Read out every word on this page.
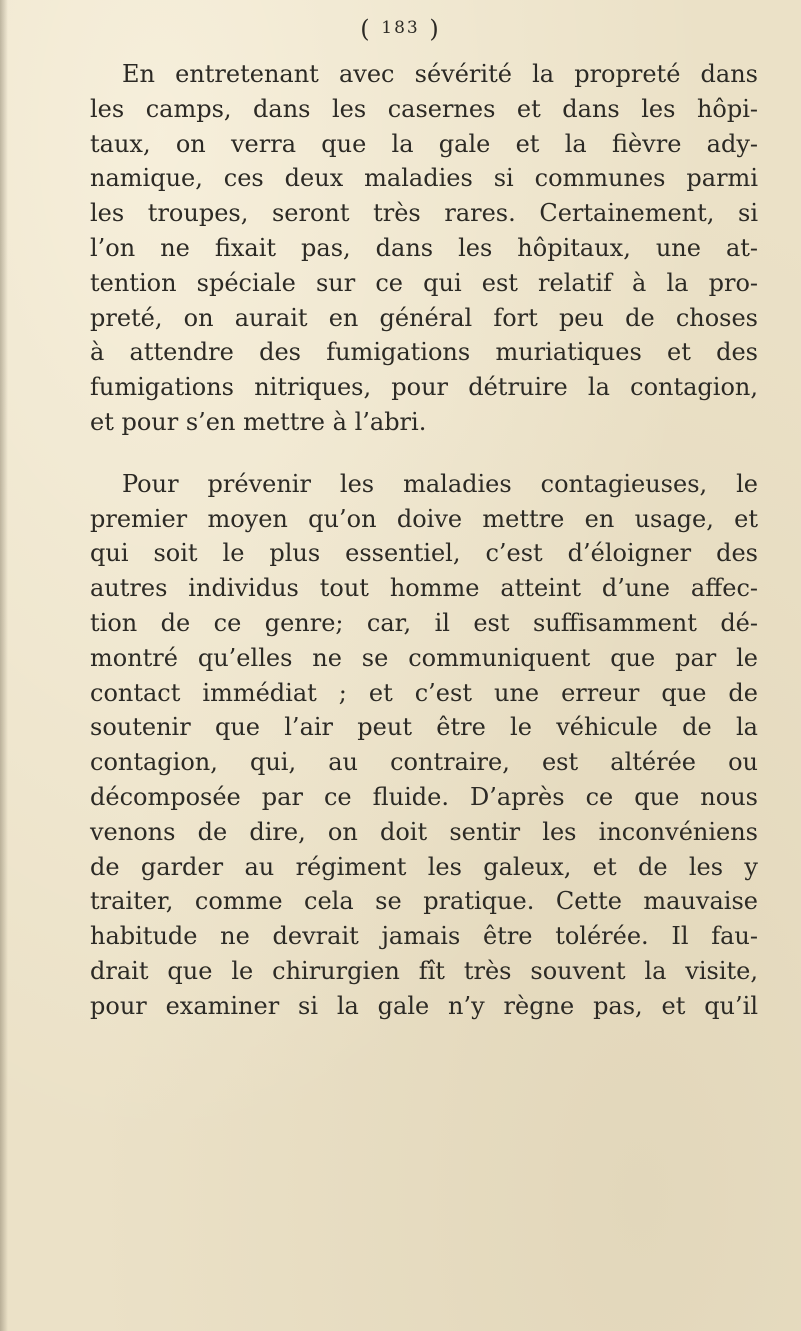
( 183 )

En entretenant avec sévérité la propreté dans
les camps, dans les casernes et dans les hôpi-
taux, on verra que la gale et la fièvre ady-
namique, ces deux maladies si communes parmi
les troupes, seront très rares. Certainement, si
l’on ne fixait pas, dans les hôpitaux, une at-
tention spéciale sur ce qui est relatif à la pro-
preté, on aurait en général fort peu de choses
à attendre des fumigations muriatiques et des
fumigations nitriques, pour détruire la contagion,
et pour s’en mettre à l’abri.

Pour prévenir les maladies contagieuses, le
premier moyen qu’on doive mettre en usage, et
qui soit le plus essentiel, c’est d’éloigner des
autres individus tout homme atteint d’une affec-
tion de ce genre; car, il est suffisamment dé-
montré qu’elles ne se communiquent que par le
contact immédiat ; et c’est une erreur que de
soutenir que l’air peut être le véhicule de la
contagion, qui, au contraire, est altérée ou
décomposée par ce fluide. D’après ce que nous
venons de dire, on doit sentir les inconvéniens
de garder au régiment les galeux, et de les y
traiter, comme cela se pratique. Cette mauvaise
habitude ne devrait jamais être tolérée. Il fau-
drait que le chirurgien fît très souvent la visite,
pour examiner si la gale n’y règne pas, et qu’il
